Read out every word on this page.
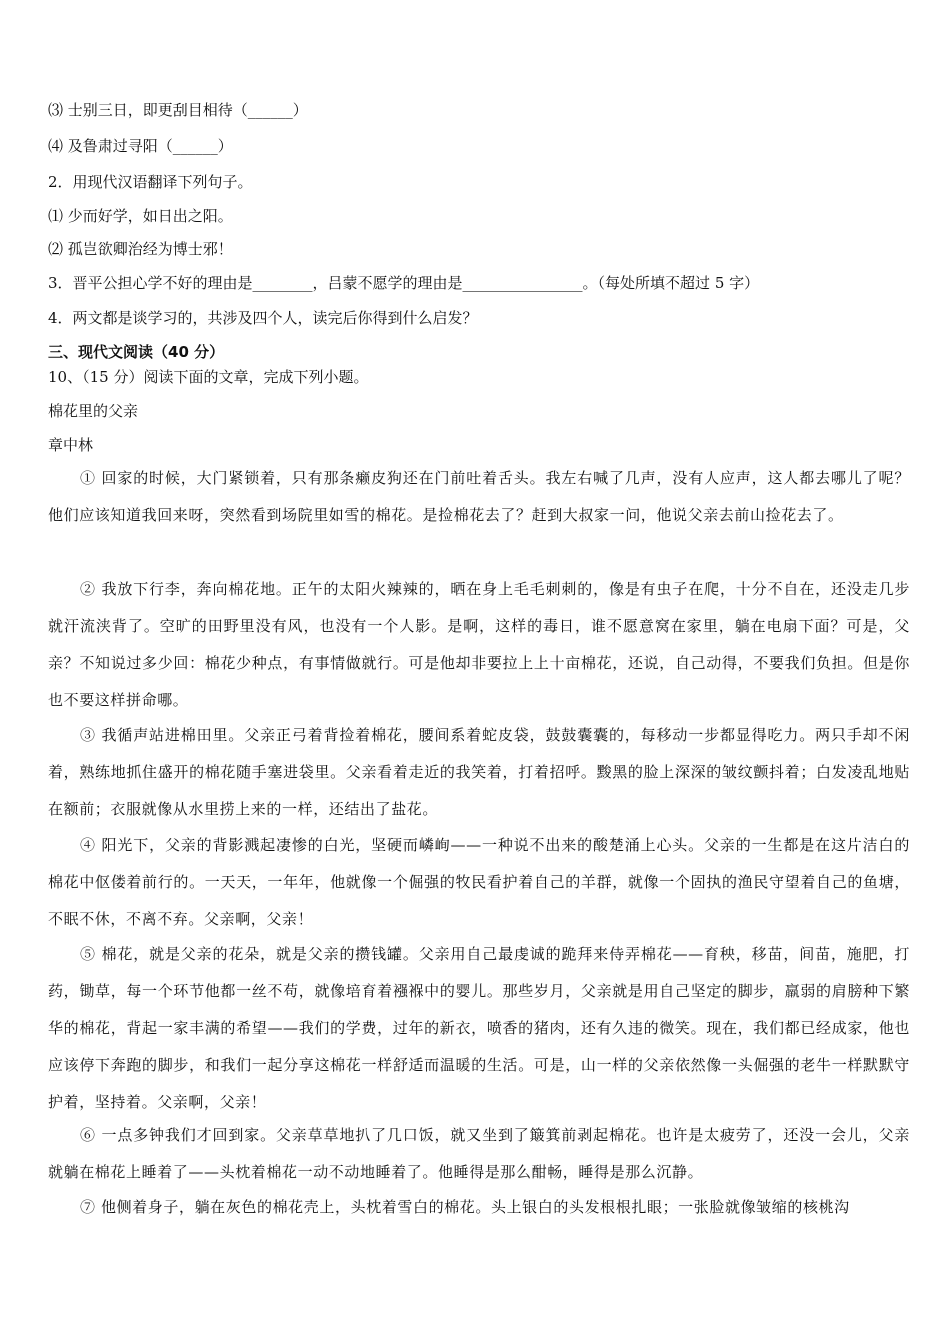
⑶ 士别三日，即更刮目相待（______）
⑷ 及鲁肃过寻阳（______）
2．用现代汉语翻译下列句子。
⑴ 少而好学，如日出之阳。
⑵ 孤岂欲卿治经为博士邪！
3．晋平公担心学不好的理由是________，吕蒙不愿学的理由是________________。（每处所填不超过 5 字）
4．两文都是谈学习的，共涉及四个人，读完后你得到什么启发？
三、现代文阅读（40 分）
10、（15 分）阅读下面的文章，完成下列小题。
棉花里的父亲
章中林
① 回家的时候，大门紧锁着，只有那条癞皮狗还在门前吐着舌头。我左右喊了几声，没有人应声，这人都去哪儿了呢？他们应该知道我回来呀，突然看到场院里如雪的棉花。是捡棉花去了？赶到大叔家一问，他说父亲去前山捡花去了。
② 我放下行李，奔向棉花地。正午的太阳火辣辣的，晒在身上毛毛刺刺的，像是有虫子在爬，十分不自在，还没走几步就汗流浃背了。空旷的田野里没有风，也没有一个人影。是啊，这样的毒日，谁不愿意窝在家里，躺在电扇下面？可是，父亲？不知说过多少回：棉花少种点，有事情做就行。可是他却非要拉上上十亩棉花，还说，自己动得，不要我们负担。但是你也不要这样拼命哪。
③ 我循声站进棉田里。父亲正弓着背捡着棉花，腰间系着蛇皮袋，鼓鼓囊囊的，每移动一步都显得吃力。两只手却不闲着，熟练地抓住盛开的棉花随手塞进袋里。父亲看着走近的我笑着，打着招呼。黢黑的脸上深深的皱纹颤抖着；白发凌乱地贴在额前；衣服就像从水里捞上来的一样，还结出了盐花。
④ 阳光下，父亲的背影溅起凄惨的白光，坚硬而嶙峋——一种说不出来的酸楚涌上心头。父亲的一生都是在这片洁白的棉花中伛偻着前行的。一天天，一年年，他就像一个倔强的牧民看护着自己的羊群，就像一个固执的渔民守望着自己的鱼塘，不眠不休，不离不弃。父亲啊，父亲！
⑤ 棉花，就是父亲的花朵，就是父亲的攒钱罐。父亲用自己最虔诚的跪拜来侍弄棉花——育秧，移苗，间苗，施肥，打药，锄草，每一个环节他都一丝不苟，就像培育着襁褓中的婴儿。那些岁月，父亲就是用自己坚定的脚步，羸弱的肩膀种下繁华的棉花，背起一家丰满的希望——我们的学费，过年的新衣，喷香的猪肉，还有久违的微笑。现在，我们都已经成家，他也应该停下奔跑的脚步，和我们一起分享这棉花一样舒适而温暖的生活。可是，山一样的父亲依然像一头倔强的老牛一样默默守护着，坚持着。父亲啊，父亲！
⑥ 一点多钟我们才回到家。父亲草草地扒了几口饭，就又坐到了簸箕前剥起棉花。也许是太疲劳了，还没一会儿，父亲就躺在棉花上睡着了——头枕着棉花一动不动地睡着了。他睡得是那么酣畅，睡得是那么沉静。
⑦ 他侧着身子，躺在灰色的棉花壳上，头枕着雪白的棉花。头上银白的头发根根扎眼；一张脸就像皱缩的核桃沟
